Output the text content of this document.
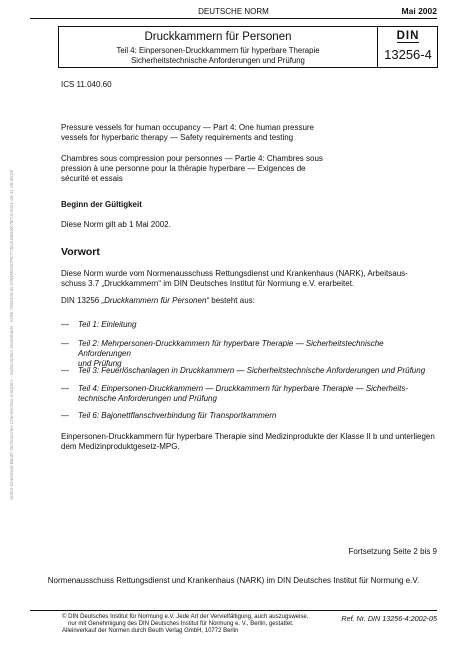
DEUTSCHE NORM	Mai 2002
Druckkammern für Personen
Teil 4: Einpersonen-Druckkammern für hyperbare Therapie
Sicherheitstechnische Anforderungen und Prüfung
DIN
13256-4
ICS 11.040.60
Pressure vessels for human occupancy — Part 4: One human pressure
vessels for hyperbaric therapy — Safety requirements and testing
Chambres sous compression pour personnes — Partie 4: Chambres sous
pression à une personne pour la thérapie hyperbare — Exigences de
sécurité et essais
Beginn der Gültigkeit
Diese Norm gilt ab 1 Mai 2002.
Vorwort
Diese Norm wurde vom Normenausschuss Rettungsdienst und Krankenhaus (NARK), Arbeitsaus-
schuss 3.7 „Druckkammern“ im DIN Deutsches Institut für Normung e.V. erarbeitet.
DIN 13256 „Druckkammern für Personen“ besteht aus:
—	Teil 1: Einleitung
—	Teil 2: Mehrpersonen-Druckkammern für hyperbare Therapie — Sicherheitstechnische Anforderungen
und Prüfung
—	Teil 3: Feuerlöschanlagen in Druckkammern — Sicherheitstechnische Anforderungen und Prüfung
—	Teil 4: Einpersonen-Druckkammern — Druckkammern für hyperbare Therapie — Sicherheits-
technische Anforderungen und Prüfung
—	Teil 6: Bajonettflanschverbindung für Transportkammern
Einpersonen-Druckkammern für hyperbare Therapie sind Medizinprodukte der Klasse II b und unterliegen
dem Medizinproduktgesetz-MPG.
Fortsetzung Seite 2 bis 9
Normenausschuss Rettungsdienst und Krankenhaus (NARK) im DIN Deutsches Institut für Normung e.V.
© DIN Deutsches Institut für Normung e.V. Jede Art der Vervielfältigung, auch auszugsweise,
nur mit Genehmigung des DIN Deutsches Institut für Normung e. V., Berlin, gestattet.
Alleinverkauf der Normen durch Beuth Verlag GmbH, 10772 Berlin
Ref. Nr. DIN 13256-4:2002-05
Sofort-Download-Beuth-Technisches Chemisches Analytics - Subscription Downloads - KdNr.7566105,ID.KNRMKNCPE7T3D2U8BWK7BT.3-2021-06-11 09:49:28
